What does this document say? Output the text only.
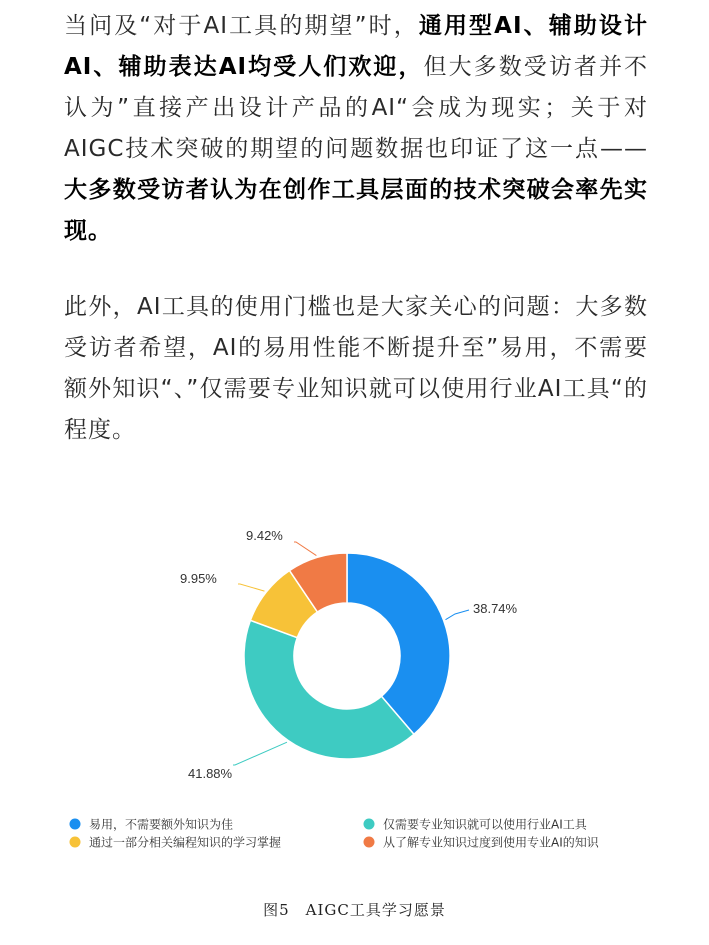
当问及“对于AI工具的期望”时，通用型AI、辅助设计AI、辅助表达AI均受人们欢迎，但大多数受访者并不认为”直接产出设计产品的AI“会成为现实；关于对AIGC技术突破的期望的问题数据也印证了这一点——大多数受访者认为在创作工具层面的技术突破会率先实现。

此外，AI工具的使用门槛也是大家关心的问题：大多数受访者希望，AI的易用性能不断提升至”易用，不需要额外知识“、”仅需要专业知识就可以使用行业AI工具“的程度。

38.74%
41.88%
9.95%
9.42%
易用，不需要额外知识为佳	仅需要专业知识就可以使用行业AI工具
通过一部分相关编程知识的学习掌握	从了解专业知识过度到使用专业AI的知识
图5　AIGC工具学习愿景
